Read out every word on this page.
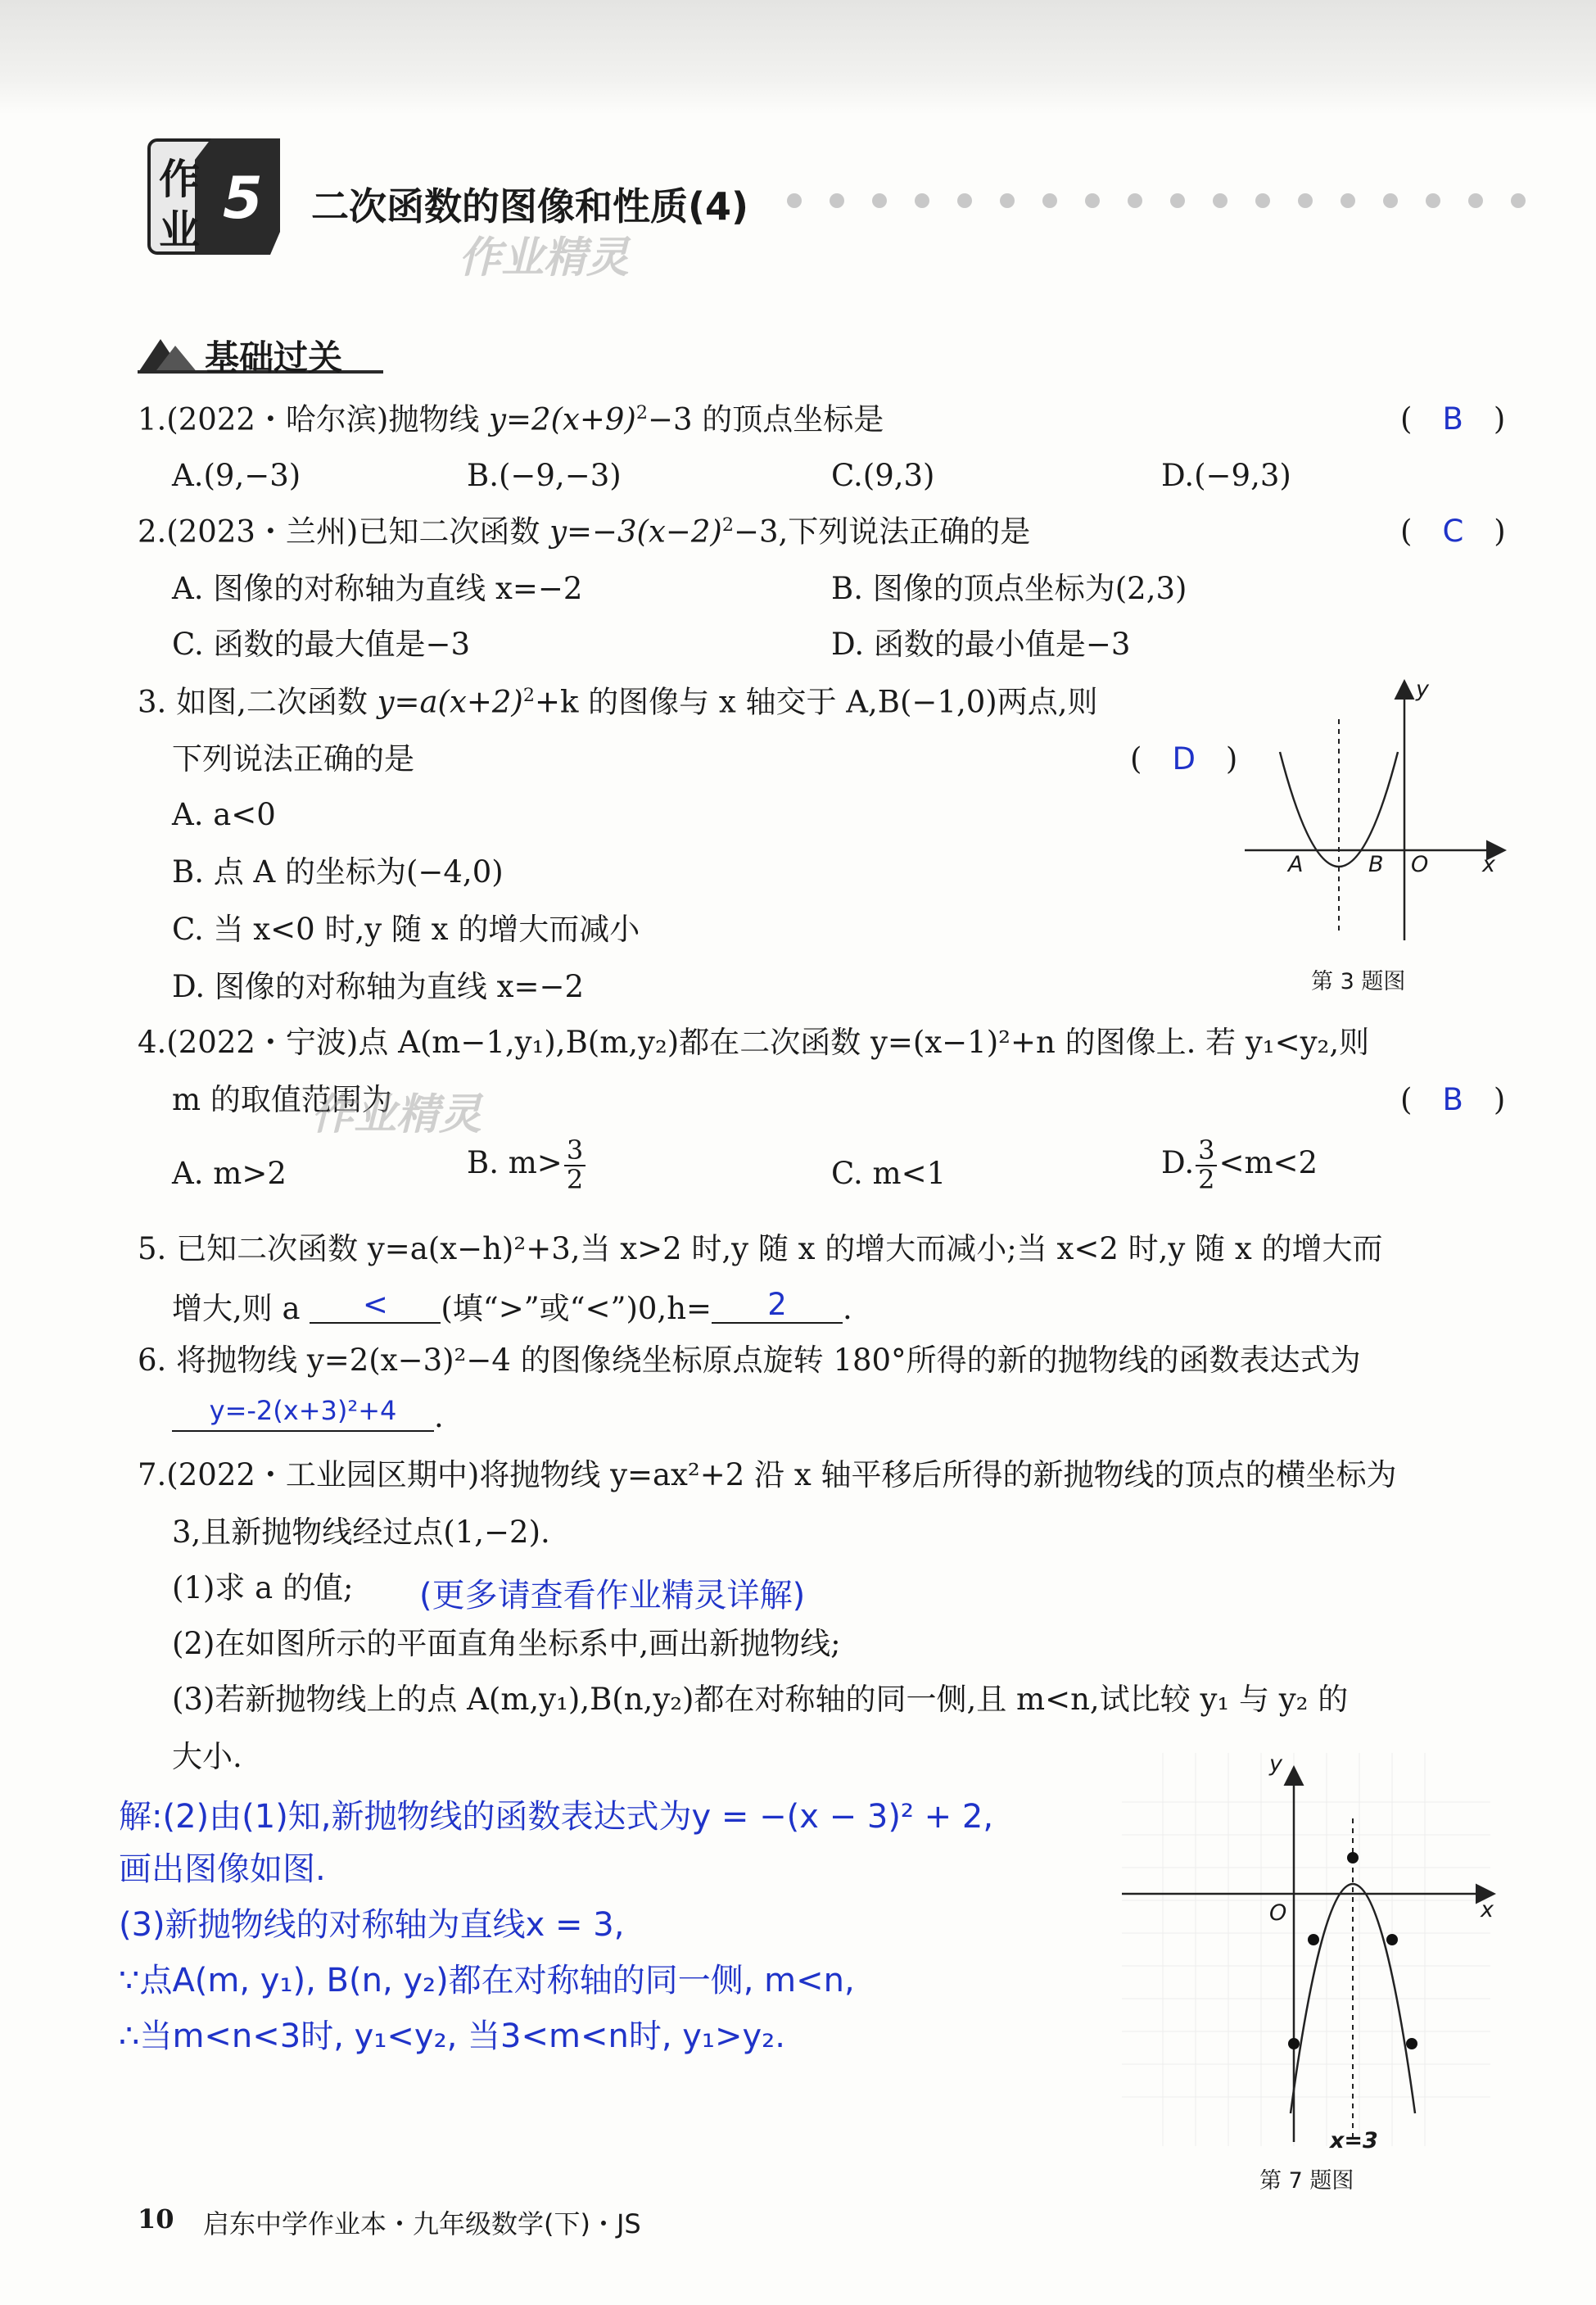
作
业 5 二次函数的图像和性质(4)
作业精灵
基础过关
1.(2022・哈尔滨)抛物线 $y=2(x+9)^2-3$ 的顶点坐标是	(　B　)
A.(9,−3)	B.(−9,−3)	C.(9,3)	D.(−9,3)
2.(2023・兰州)已知二次函数 $y=-3(x-2)^2-3$,下列说法正确的是	(　C　)
A. 图像的对称轴为直线 x=−2	B. 图像的顶点坐标为(2,3)
C. 函数的最大值是−3	D. 函数的最小值是−3
3. 如图,二次函数 $y=a(x+2)^2+k$ 的图像与 x 轴交于 A,B(−1,0)两点,则
下列说法正确的是	(　D　)
A. a<0
B. 点 A 的坐标为(−4,0)
C. 当 x<0 时,y 随 x 的增大而减小
D. 图像的对称轴为直线 x=−2
y
x
A	B O
第 3 题图
4.(2022・宁波)点 A(m−1,y₁),B(m,y₂)都在二次函数 y=(x−1)²+n 的图像上. 若 y₁<y₂,则
m 的取值范围为
作业精灵	(　B　)
A. m>2	B. $m> \frac{3}{2}$	C. m<1	D. $\frac{3}{2} <m<2$
5. 已知二次函数 y=a(x−h)²+3,当 x>2 时,y 随 x 的增大而减小;当 x<2 时,y 随 x 的增大而
增大,则 a < (填“>”或“<”)0,h= 2 .
6. 将抛物线 y=2(x−3)²−4 的图像绕坐标原点旋转 180°所得的新的抛物线的函数表达式为
y=-2(x+3)²+4 .
7.(2022・工业园区期中)将抛物线 y=ax²+2 沿 x 轴平移后所得的新抛物线的顶点的横坐标为
3,且新抛物线经过点(1,−2).
(1)求 a 的值; (更多请查看作业精灵详解)
(2)在如图所示的平面直角坐标系中,画出新抛物线;
(3)若新抛物线上的点 A(m,y₁),B(n,y₂)都在对称轴的同一侧,且 m<n,试比较 y₁ 与 y₂ 的
大小.
解:(2)由(1)知,新抛物线的函数表达式为y = −(x − 3)² + 2,
画出图像如图.
(3)新抛物线的对称轴为直线x = 3,
∵点A(m, y₁), B(n, y₂)都在对称轴的同一侧, m<n,
∴当m<n<3时, y₁<y₂, 当3<m<n时, y₁>y₂.
y
x
O
x=3
第 7 题图
10 启东中学作业本・九年级数学(下)・JS
